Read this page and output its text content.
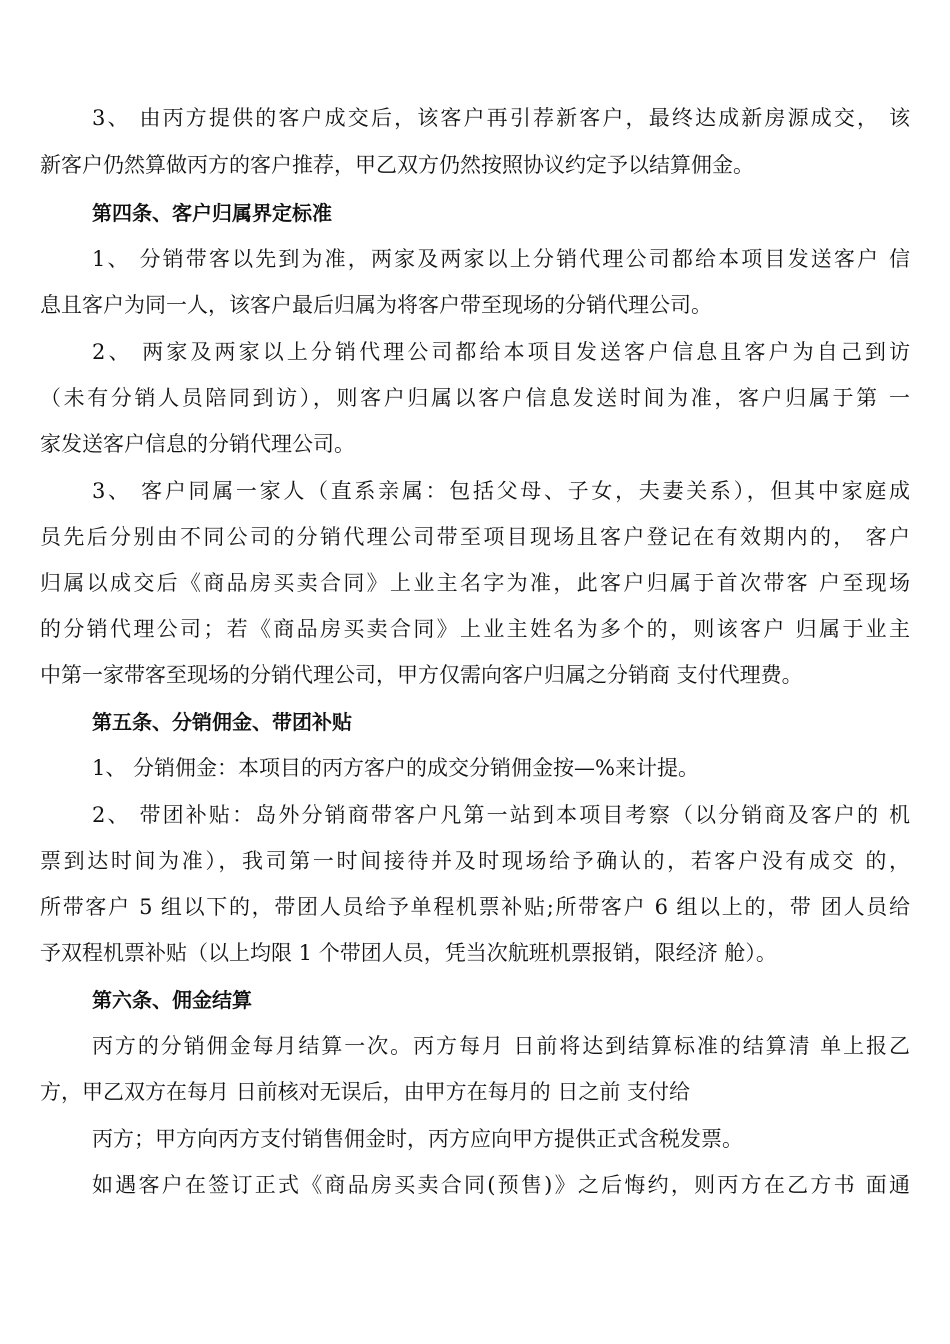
3、 由丙方提供的客户成交后，该客户再引荐新客户，最终达成新房源成交， 该
新客户仍然算做丙方的客户推荐，甲乙双方仍然按照协议约定予以结算佣金。
第四条、客户归属界定标准
1、 分销带客以先到为准，两家及两家以上分销代理公司都给本项目发送客户 信
息且客户为同一人，该客户最后归属为将客户带至现场的分销代理公司。
2、 两家及两家以上分销代理公司都给本项目发送客户信息且客户为自己到访
（未有分销人员陪同到访），则客户归属以客户信息发送时间为准，客户归属于第 一
家发送客户信息的分销代理公司。
3、 客户同属一家人（直系亲属：包括父母、子女，夫妻关系），但其中家庭成
员先后分别由不同公司的分销代理公司带至项目现场且客户登记在有效期内的， 客户
归属以成交后《商品房买卖合同》上业主名字为准，此客户归属于首次带客 户至现场
的分销代理公司；若《商品房买卖合同》上业主姓名为多个的，则该客户 归属于业主
中第一家带客至现场的分销代理公司，甲方仅需向客户归属之分销商 支付代理费。
第五条、分销佣金、带团补贴
1、 分销佣金：本项目的丙方客户的成交分销佣金按—%来计提。
2、 带团补贴：岛外分销商带客户凡第一站到本项目考察（以分销商及客户的 机
票到达时间为准），我司第一时间接待并及时现场给予确认的，若客户没有成交 的，
所带客户 5 组以下的，带团人员给予单程机票补贴;所带客户 6 组以上的，带 团人员给
予双程机票补贴（以上均限 1 个带团人员，凭当次航班机票报销，限经济 舱）。
第六条、佣金结算
丙方的分销佣金每月结算一次。丙方每月 日前将达到结算标准的结算清 单上报乙
方，甲乙双方在每月 日前核对无误后，由甲方在每月的 日之前 支付给
丙方；甲方向丙方支付销售佣金时，丙方应向甲方提供正式含税发票。
如遇客户在签订正式《商品房买卖合同(预售)》之后悔约，则丙方在乙方书 面通
